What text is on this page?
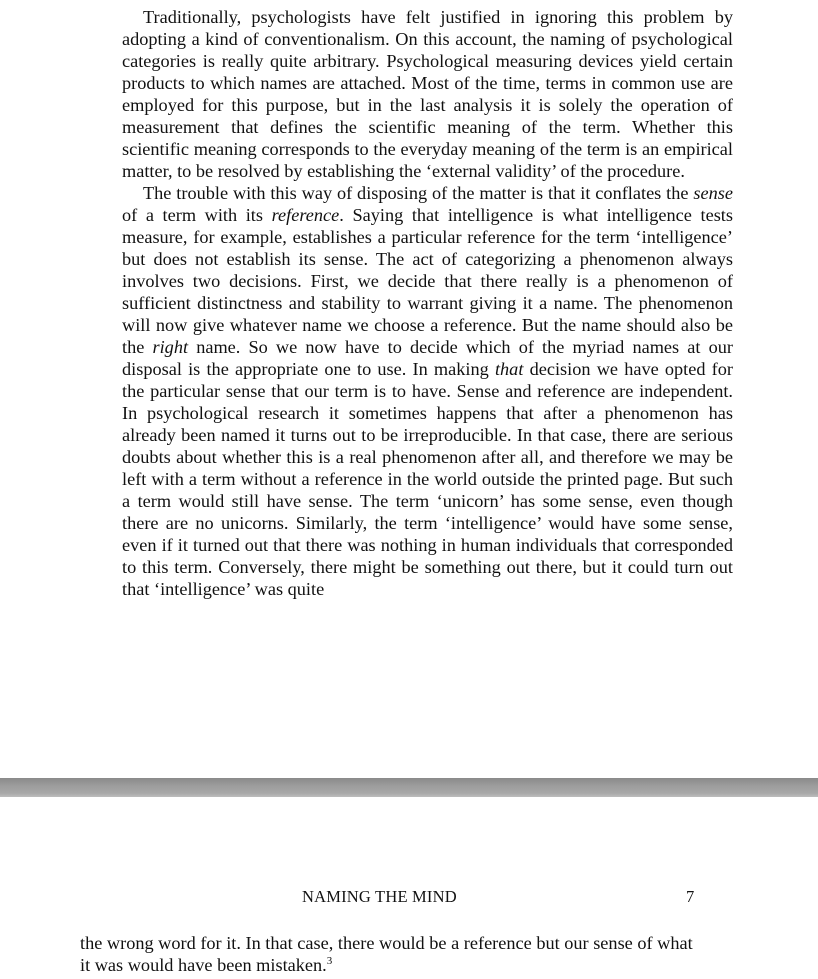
Traditionally, psychologists have felt justified in ignoring this problem by adopting a kind of conventionalism. On this account, the naming of psychological categories is really quite arbitrary. Psychological measuring devices yield certain products to which names are attached. Most of the time, terms in common use are employed for this purpose, but in the last analysis it is solely the operation of measurement that defines the scientific meaning of the term. Whether this scientific meaning corresponds to the everyday meaning of the term is an empirical matter, to be resolved by establishing the ‘external validity’ of the procedure.

The trouble with this way of disposing of the matter is that it conflates the sense of a term with its reference. Saying that intelligence is what intelligence tests measure, for example, establishes a particular reference for the term ‘intelligence’ but does not establish its sense. The act of categorizing a phenomenon always involves two decisions. First, we decide that there really is a phenomenon of sufficient distinctness and stability to warrant giving it a name. The phenomenon will now give whatever name we choose a reference. But the name should also be the right name. So we now have to decide which of the myriad names at our disposal is the appropriate one to use. In making that decision we have opted for the particular sense that our term is to have. Sense and reference are independent. In psychological research it sometimes happens that after a phenomenon has already been named it turns out to be irreproducible. In that case, there are serious doubts about whether this is a real phenomenon after all, and therefore we may be left with a term without a reference in the world outside the printed page. But such a term would still have sense. The term ‘unicorn’ has some sense, even though there are no unicorns. Similarly, the term ‘intelligence’ would have some sense, even if it turned out that there was nothing in human individuals that corresponded to this term. Conversely, there might be something out there, but it could turn out that ‘intelligence’ was quite

NAMING THE MIND	7

the wrong word for it. In that case, there would be a reference but our sense of what it was would have been mistaken.$^3$
